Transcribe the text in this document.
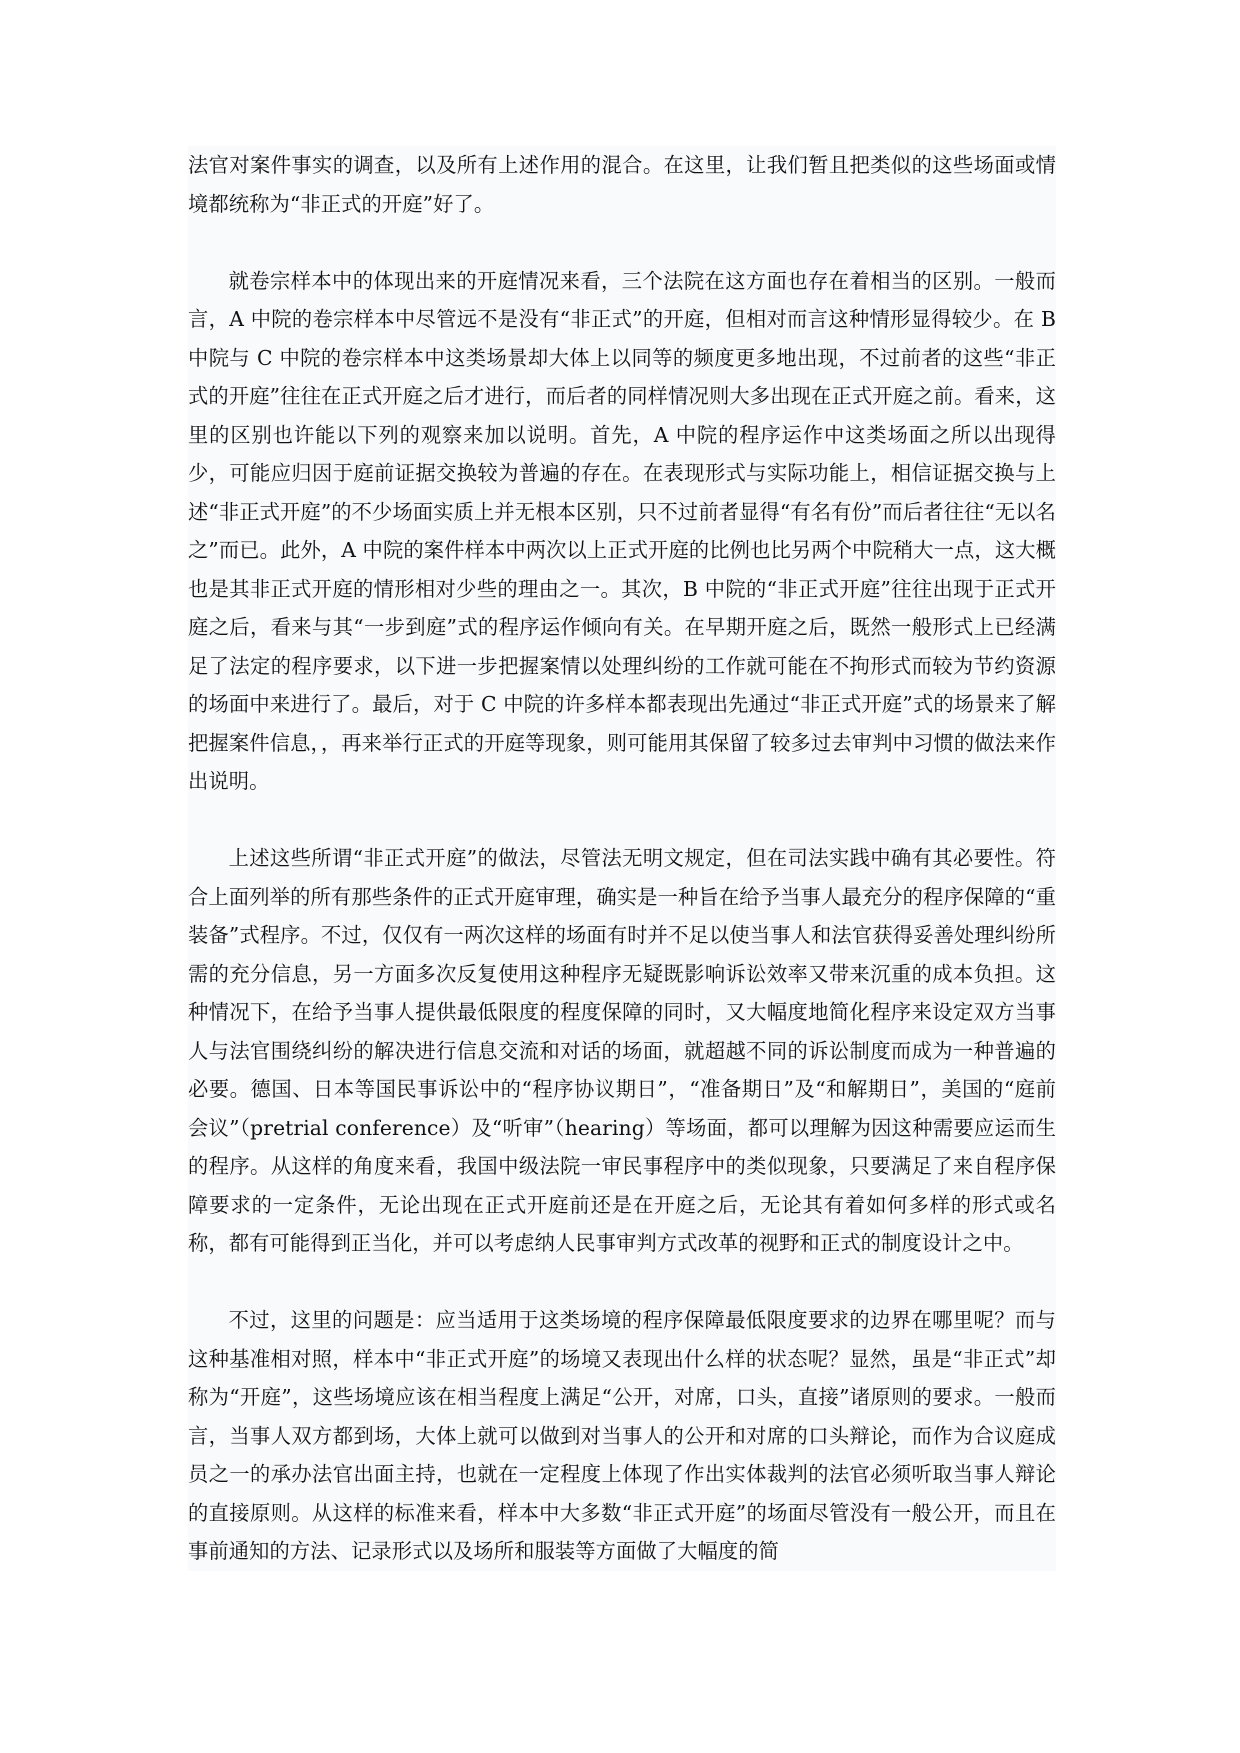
法官对案件事实的调查，以及所有上述作用的混合。在这里，让我们暂且把类似的这些场面或情境都统称为“非正式的开庭”好了。

就卷宗样本中的体现出来的开庭情况来看，三个法院在这方面也存在着相当的区别。一般而言，A 中院的卷宗样本中尽管远不是没有“非正式”的开庭，但相对而言这种情形显得较少。在 B 中院与 C 中院的卷宗样本中这类场景却大体上以同等的频度更多地出现，不过前者的这些“非正式的开庭”往往在正式开庭之后才进行，而后者的同样情况则大多出现在正式开庭之前。看来，这里的区别也许能以下列的观察来加以说明。首先，A 中院的程序运作中这类场面之所以出现得少，可能应归因于庭前证据交换较为普遍的存在。在表现形式与实际功能上，相信证据交换与上述“非正式开庭”的不少场面实质上并无根本区别，只不过前者显得“有名有份”而后者往往“无以名之”而已。此外，A 中院的案件样本中两次以上正式开庭的比例也比另两个中院稍大一点，这大概也是其非正式开庭的情形相对少些的理由之一。其次，B 中院的“非正式开庭”往往出现于正式开庭之后，看来与其“一步到庭”式的程序运作倾向有关。在早期开庭之后，既然一般形式上已经满足了法定的程序要求，以下进一步把握案情以处理纠纷的工作就可能在不拘形式而较为节约资源的场面中来进行了。最后，对于 C 中院的许多样本都表现出先通过“非正式开庭”式的场景来了解把握案件信息，，再来举行正式的开庭等现象，则可能用其保留了较多过去审判中习惯的做法来作出说明。

上述这些所谓“非正式开庭”的做法，尽管法无明文规定，但在司法实践中确有其必要性。符合上面列举的所有那些条件的正式开庭审理，确实是一种旨在给予当事人最充分的程序保障的“重装备”式程序。不过，仅仅有一两次这样的场面有时并不足以使当事人和法官获得妥善处理纠纷所需的充分信息，另一方面多次反复使用这种程序无疑既影响诉讼效率又带来沉重的成本负担。这种情况下，在给予当事人提供最低限度的程度保障的同时，又大幅度地简化程序来设定双方当事人与法官围绕纠纷的解决进行信息交流和对话的场面，就超越不同的诉讼制度而成为一种普遍的必要。德国、日本等国民事诉讼中的“程序协议期日”，“准备期日”及“和解期日”，美国的“庭前会议”（pretrial conference）及“听审”（hearing）等场面，都可以理解为因这种需要应运而生的程序。从这样的角度来看，我国中级法院一审民事程序中的类似现象，只要满足了来自程序保障要求的一定条件，无论出现在正式开庭前还是在开庭之后，无论其有着如何多样的形式或名称，都有可能得到正当化，并可以考虑纳人民事审判方式改革的视野和正式的制度设计之中。

不过，这里的问题是：应当适用于这类场境的程序保障最低限度要求的边界在哪里呢？而与这种基准相对照，样本中“非正式开庭”的场境又表现出什么样的状态呢？显然，虽是“非正式”却称为“开庭”，这些场境应该在相当程度上满足“公开，对席，口头，直接”诸原则的要求。一般而言，当事人双方都到场，大体上就可以做到对当事人的公开和对席的口头辩论，而作为合议庭成员之一的承办法官出面主持，也就在一定程度上体现了作出实体裁判的法官必须听取当事人辩论的直接原则。从这样的标准来看，样本中大多数“非正式开庭”的场面尽管没有一般公开，而且在事前通知的方法、记录形式以及场所和服装等方面做了大幅度的简
